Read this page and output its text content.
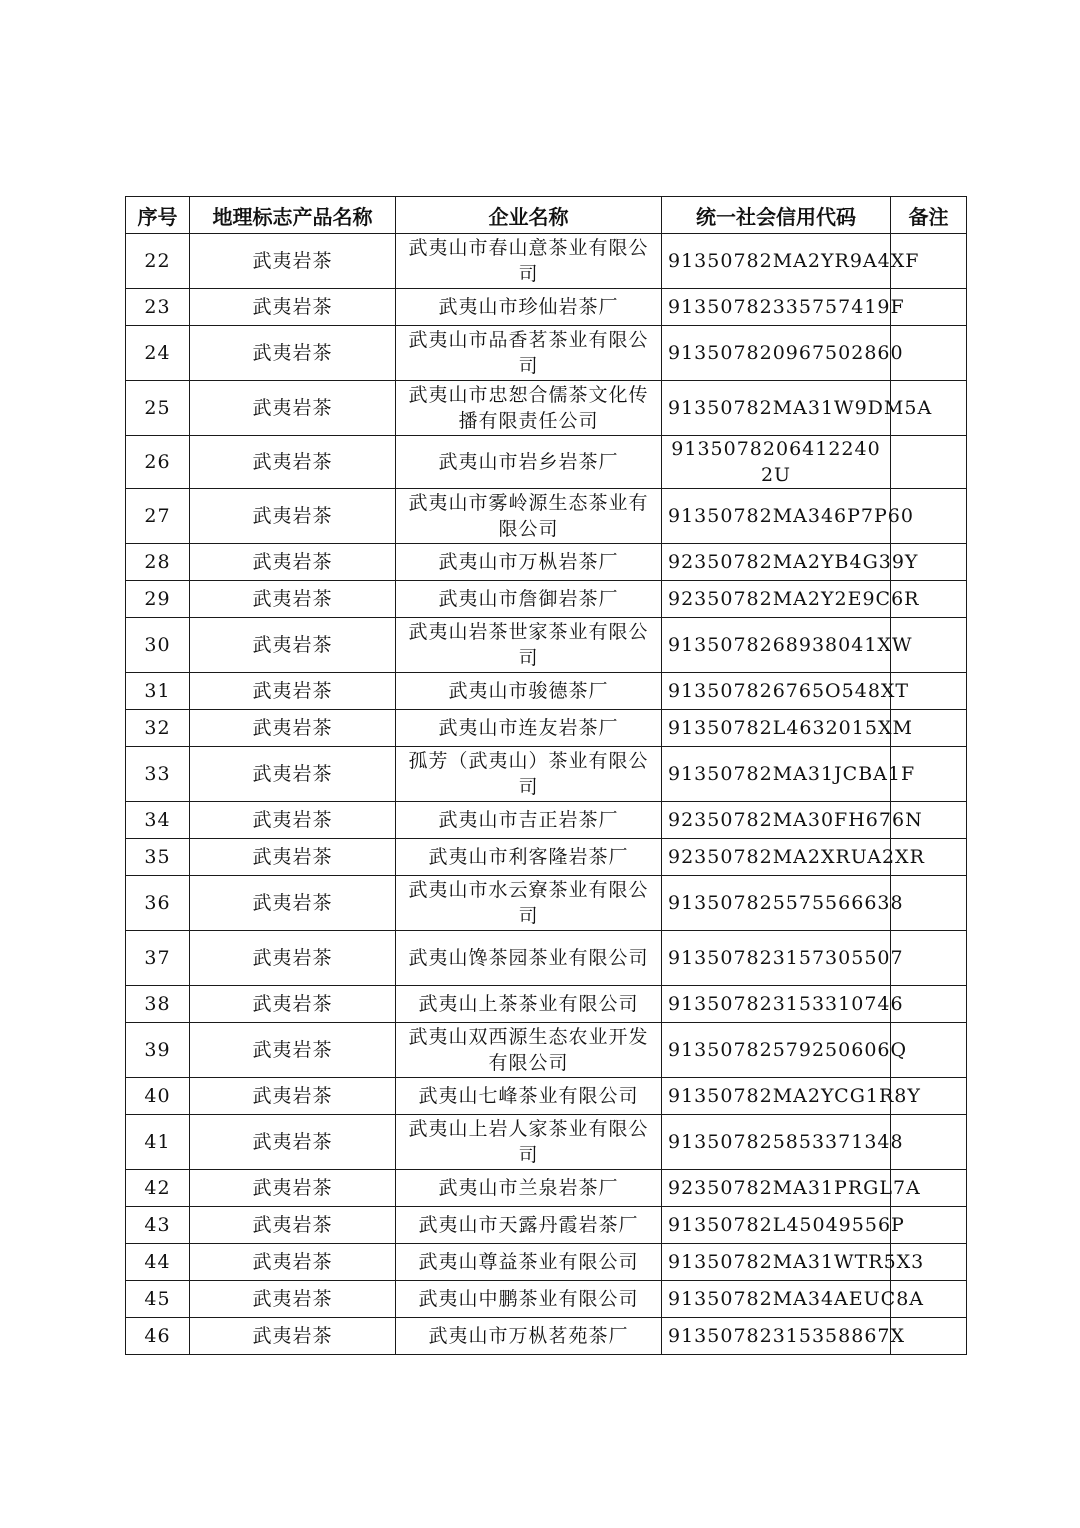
序号	地理标志产品名称	企业名称	统一社会信用代码	备注
22	武夷岩茶	武夷山市春山意茶业有限公司	91350782MA2YR9A4XF	
23	武夷岩茶	武夷山市珍仙岩茶厂	91350782335757419F	
24	武夷岩茶	武夷山市品香茗茶业有限公司	913507820967502860	
25	武夷岩茶	武夷山市忠恕合儒茶文化传播有限责任公司	91350782MA31W9DM5A	
26	武夷岩茶	武夷山市岩乡岩茶厂	9135078206412240 2U	
27	武夷岩茶	武夷山市雾岭源生态茶业有限公司	91350782MA346P7P60	
28	武夷岩茶	武夷山市万枞岩茶厂	92350782MA2YB4G39Y	
29	武夷岩茶	武夷山市詹御岩茶厂	92350782MA2Y2E9C6R	
30	武夷岩茶	武夷山岩茶世家茶业有限公司	9135078268938041XW	
31	武夷岩茶	武夷山市骏德茶厂	913507826765O548XT	
32	武夷岩茶	武夷山市连友岩茶厂	91350782L4632015XM	
33	武夷岩茶	孤芳（武夷山）茶业有限公司	91350782MA31JCBA1F	
34	武夷岩茶	武夷山市吉正岩茶厂	92350782MA30FH676N	
35	武夷岩茶	武夷山市利客隆岩茶厂	92350782MA2XRUA2XR	
36	武夷岩茶	武夷山市水云寮茶业有限公司	913507825575566638	
37	武夷岩茶	武夷山馋茶园茶业有限公司	913507823157305507	
38	武夷岩茶	武夷山上茶茶业有限公司	913507823153310746	
39	武夷岩茶	武夷山双西源生态农业开发有限公司	91350782579250606Q	
40	武夷岩茶	武夷山七峰茶业有限公司	91350782MA2YCG1R8Y	
41	武夷岩茶	武夷山上岩人家茶业有限公司	913507825853371348	
42	武夷岩茶	武夷山市兰泉岩茶厂	92350782MA31PRGL7A	
43	武夷岩茶	武夷山市天露丹霞岩茶厂	91350782L45049556P	
44	武夷岩茶	武夷山尊益茶业有限公司	91350782MA31WTR5X3	
45	武夷岩茶	武夷山中鹏茶业有限公司	91350782MA34AEUC8A	
46	武夷岩茶	武夷山市万枞茗苑茶厂	91350782315358867X	
